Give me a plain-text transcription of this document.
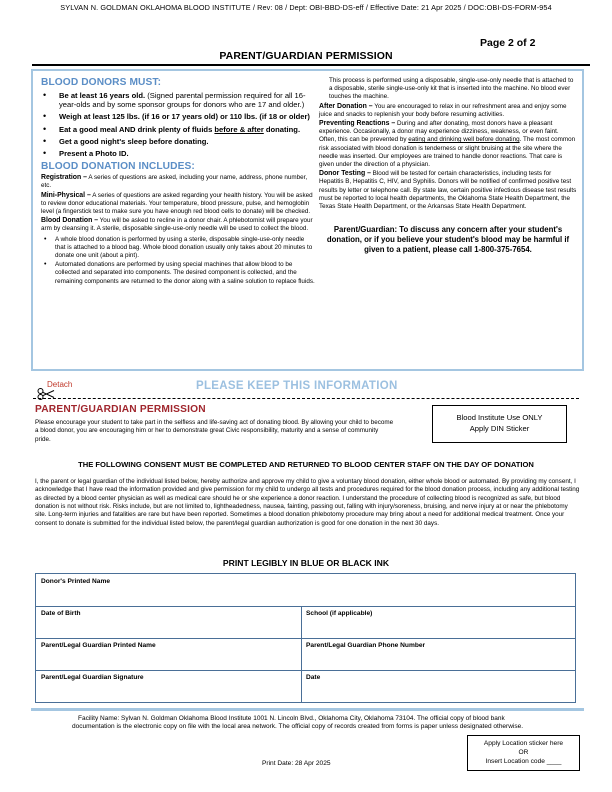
SYLVAN N. GOLDMAN OKLAHOMA BLOOD INSTITUTE / Rev: 08 / Dept: OBI-BBD-DS-eff / Effective Date: 21 Apr 2025 / DOC:OBI-DS-FORM-954
Page 2 of 2
PARENT/GUARDIAN PERMISSION
BLOOD DONORS MUST:
• Be at least 16 years old. (Signed parental permission required for all 16-year-olds and by some sponsor groups for donors who are 17 and older.)
• Weigh at least 125 lbs. (if 16 or 17 years old) or 110 lbs. (if 18 or older)
• Eat a good meal AND drink plenty of fluids before & after donating.
• Get a good night's sleep before donating.
• Present a Photo ID.
BLOOD DONATION INCLUDES:
Registration – A series of questions are asked, including your name, address, phone number, etc.
Mini-Physical – A series of questions are asked regarding your health history. You will be asked to review donor educational materials. Your temperature, blood pressure, pulse, and hemoglobin level (a fingerstick test to make sure you have enough red blood cells to donate) will be checked.
Blood Donation – You will be asked to recline in a donor chair. A phlebotomist will prepare your arm by cleansing it. A sterile, disposable single-use-only needle will be used to collect the blood.
• A whole blood donation is performed by using a sterile, disposable single-use-only needle that is attached to a blood bag. Whole blood donation usually only takes about 20 minutes to donate one unit (about a pint).
• Automated donations are performed by using special machines that allow blood to be collected and separated into components. The desired component is collected, and the remaining components are returned to the donor along with a saline solution to replace fluids.
This process is performed using a disposable, single-use-only needle that is attached to a disposable, sterile single-use-only kit that is inserted into the machine. No blood ever touches the machine.
After Donation – You are encouraged to relax in our refreshment area and enjoy some juice and snacks to replenish your body before resuming activities.
Preventing Reactions – During and after donating, most donors have a pleasant experience. Occasionally, a donor may experience dizziness, weakness, or even faint. Often, this can be prevented by eating and drinking well before donating. The most common risk associated with blood donation is tenderness or slight bruising at the site where the needle was inserted. Our employees are trained to handle donor reactions. That care is given under the direction of a physician.
Donor Testing – Blood will be tested for certain characteristics, including tests for Hepatitis B, Hepatitis C, HIV, and Syphilis. Donors will be notified of confirmed positive test results by letter or telephone call. By state law, certain positive infectious disease test results must be reported to local health departments, the Oklahoma State Health Department, the Texas State Health Department, or the Arkansas State Health Department.
Parent/Guardian: To discuss any concern after your student's donation, or if you believe your student's blood may be harmful if given to a patient, please call 1-800-375-7654.
Detach	PLEASE KEEP THIS INFORMATION
PARENT/GUARDIAN PERMISSION
Please encourage your student to take part in the selfless and life-saving act of donating blood. By allowing your child to become a blood donor, you are encouraging him or her to demonstrate great Civic responsibility, maturity and a sense of community pride.
Blood Institute Use ONLY
Apply DIN Sticker
THE FOLLOWING CONSENT MUST BE COMPLETED AND RETURNED TO BLOOD CENTER STAFF ON THE DAY OF DONATION
I, the parent or legal guardian of the individual listed below, hereby authorize and approve my child to give a voluntary blood donation, either whole blood or automated. By providing my consent, I acknowledge that I have read the information provided and give permission for my child to undergo all tests and procedures required for the blood donation process, including any additional testing as directed by a blood center physician as well as medical care should he or she experience a donor reaction. I understand the procedure of collecting blood is recognized as safe, but blood donation is not without risk. Risks include, but are not limited to, lightheadedness, nausea, fainting, passing out, falling with injury/soreness, bruising, and nerve injury at or near the phlebotomy site. Long-term injuries and fatalities are rare but have been reported. Sometimes a blood donation phlebotomy procedure may bring about a need for additional medical treatment. Once your consent to donate is submitted for the individual listed below, the parent/legal guardian authorization is good for one donation in the next 30 days.
PRINT LEGIBLY IN BLUE OR BLACK INK
Donor's Printed Name
Date of Birth	School (if applicable)
Parent/Legal Guardian Printed Name	Parent/Legal Guardian Phone Number
Parent/Legal Guardian Signature	Date
Facility Name: Sylvan N. Goldman Oklahoma Blood Institute 1001 N. Lincoln Blvd., Oklahoma City, Oklahoma 73104. The official copy of blood bank documentation is the electronic copy on file with the local area network. The official copy of records created from forms is paper unless designated otherwise.
Apply Location sticker here
OR
Insert Location code ____
Print Date: 28 Apr 2025
